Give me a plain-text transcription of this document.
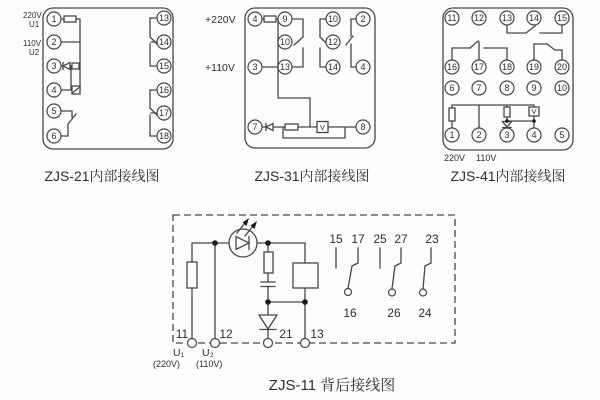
220V
U1
110V
U2
1
2
3
4
5
6
13
14
15
16
17
18
ZJS-21内部接线图
+220V
+110V
V
4	9
10
13
3
10
12
14
2
4
7	8
ZJS-31内部接线图
V
11 12 13 14 15
16 17 18 19 20
6 7	8 9 10
1 2	3 4	5
220V 110V
ZJS-41内部接线图
11	12	21 13
U₁ U₂
(220V) (110V)
15 17 25 27 23
16	26 24
ZJS-11 背后接线图
